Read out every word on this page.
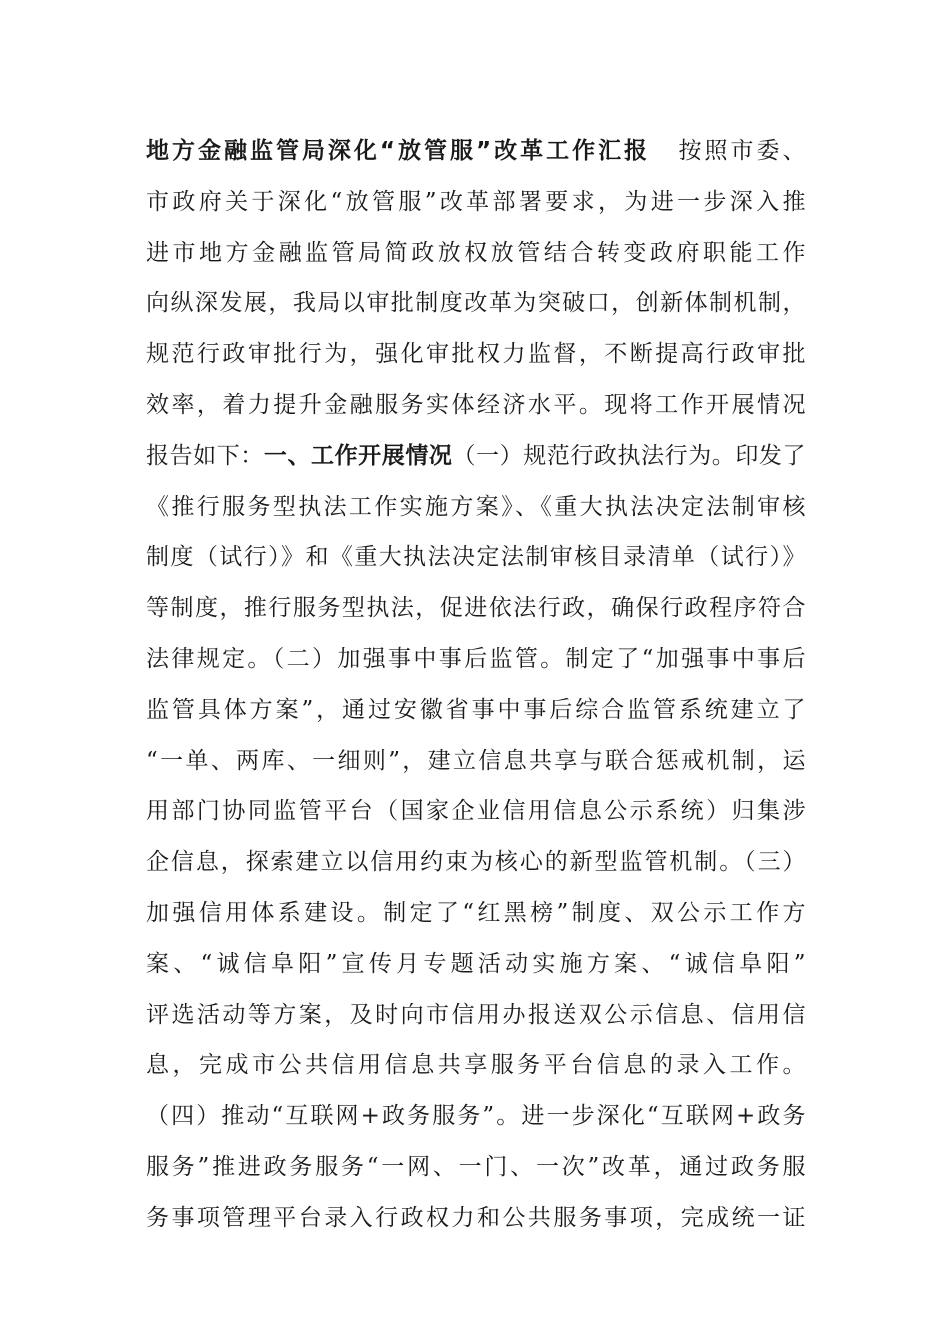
地方金融监管局深化“放管服”改革工作汇报 按照市委、
市政府关于深化“放管服”改革部署要求，为进一步深入推
进市地方金融监管局简政放权放管结合转变政府职能工作
向纵深发展，我局以审批制度改革为突破口，创新体制机制，
规范行政审批行为，强化审批权力监督，不断提高行政审批
效率，着力提升金融服务实体经济水平。现将工作开展情况
报告如下：一、工作开展情况（一）规范行政执法行为。印发了
《推行服务型执法工作实施方案》、《重大执法决定法制审核
制度（试行）》和《重大执法决定法制审核目录清单（试行）》
等制度，推行服务型执法，促进依法行政，确保行政程序符合
法律规定。（二）加强事中事后监管。制定了“加强事中事后
监管具体方案”，通过安徽省事中事后综合监管系统建立了
“一单、两库、一细则”，建立信息共享与联合惩戒机制，运
用部门协同监管平台（国家企业信用信息公示系统）归集涉
企信息，探索建立以信用约束为核心的新型监管机制。（三）
加强信用体系建设。制定了“红黑榜”制度、双公示工作方
案、“诚信阜阳”宣传月专题活动实施方案、“诚信阜阳”
评选活动等方案，及时向市信用办报送双公示信息、信用信
息，完成市公共信用信息共享服务平台信息的录入工作。
（四）推动“互联网+政务服务”。进一步深化“互联网+政务
服务”推进政务服务“一网、一门、一次”改革，通过政务服
务事项管理平台录入行政权力和公共服务事项，完成统一证
